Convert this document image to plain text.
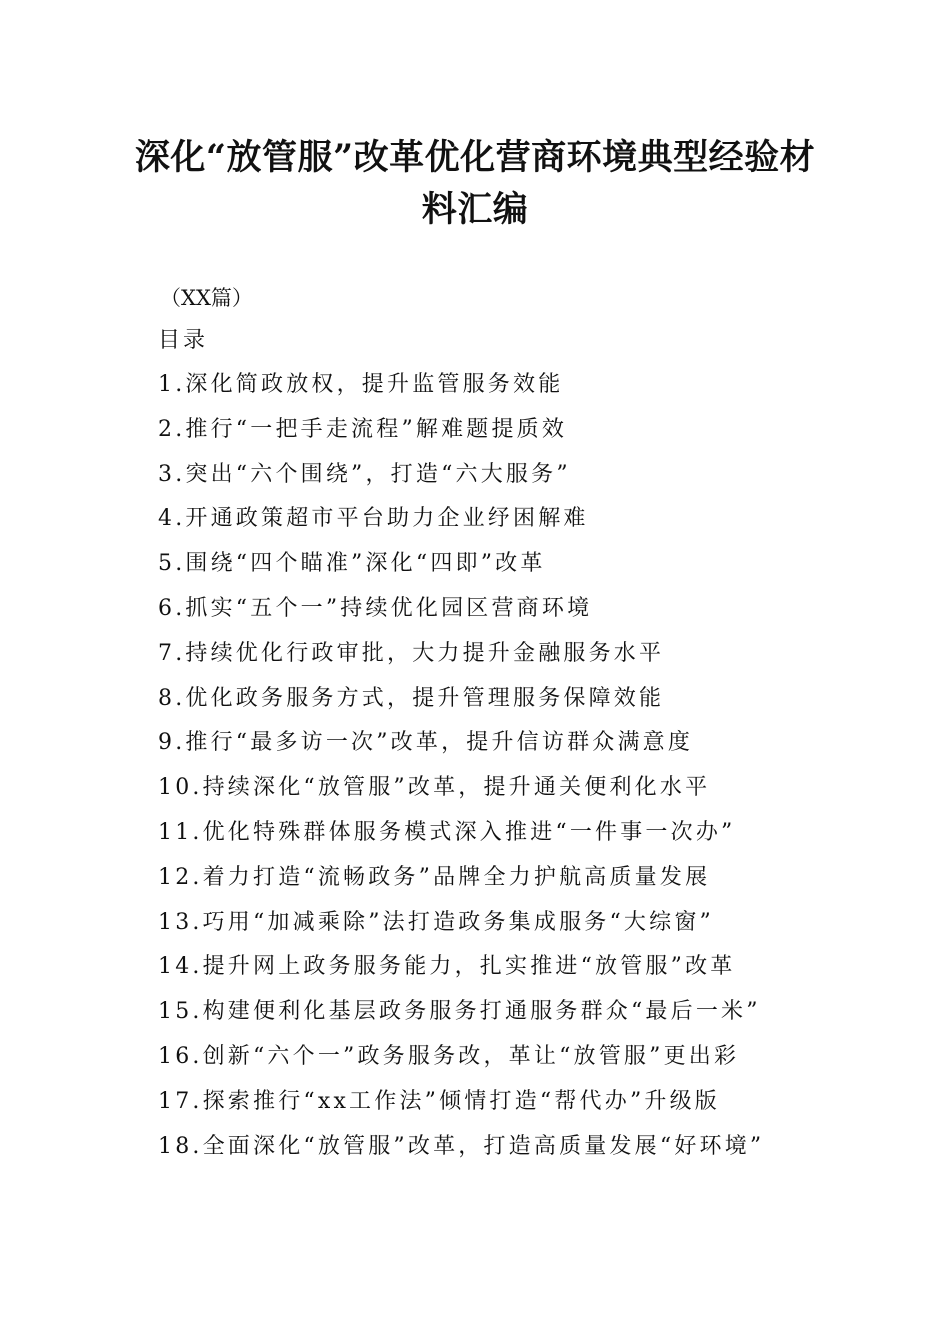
深化“放管服”改革优化营商环境典型经验材
料汇编

（XX篇）

目录

1.深化简政放权，提升监管服务效能
2.推行“一把手走流程”解难题提质效
3.突出“六个围绕”，打造“六大服务”
4.开通政策超市平台助力企业纾困解难
5.围绕“四个瞄准”深化“四即”改革
6.抓实“五个一”持续优化园区营商环境
7.持续优化行政审批，大力提升金融服务水平
8.优化政务服务方式，提升管理服务保障效能
9.推行“最多访一次”改革，提升信访群众满意度
10.持续深化“放管服”改革，提升通关便利化水平
11.优化特殊群体服务模式深入推进“一件事一次办”
12.着力打造“流畅政务”品牌全力护航高质量发展
13.巧用“加减乘除”法打造政务集成服务“大综窗”
14.提升网上政务服务能力，扎实推进“放管服”改革
15.构建便利化基层政务服务打通服务群众“最后一米”
16.创新“六个一”政务服务改，革让“放管服”更出彩
17.探索推行“xx工作法”倾情打造“帮代办”升级版
18.全面深化“放管服”改革，打造高质量发展“好环境”
